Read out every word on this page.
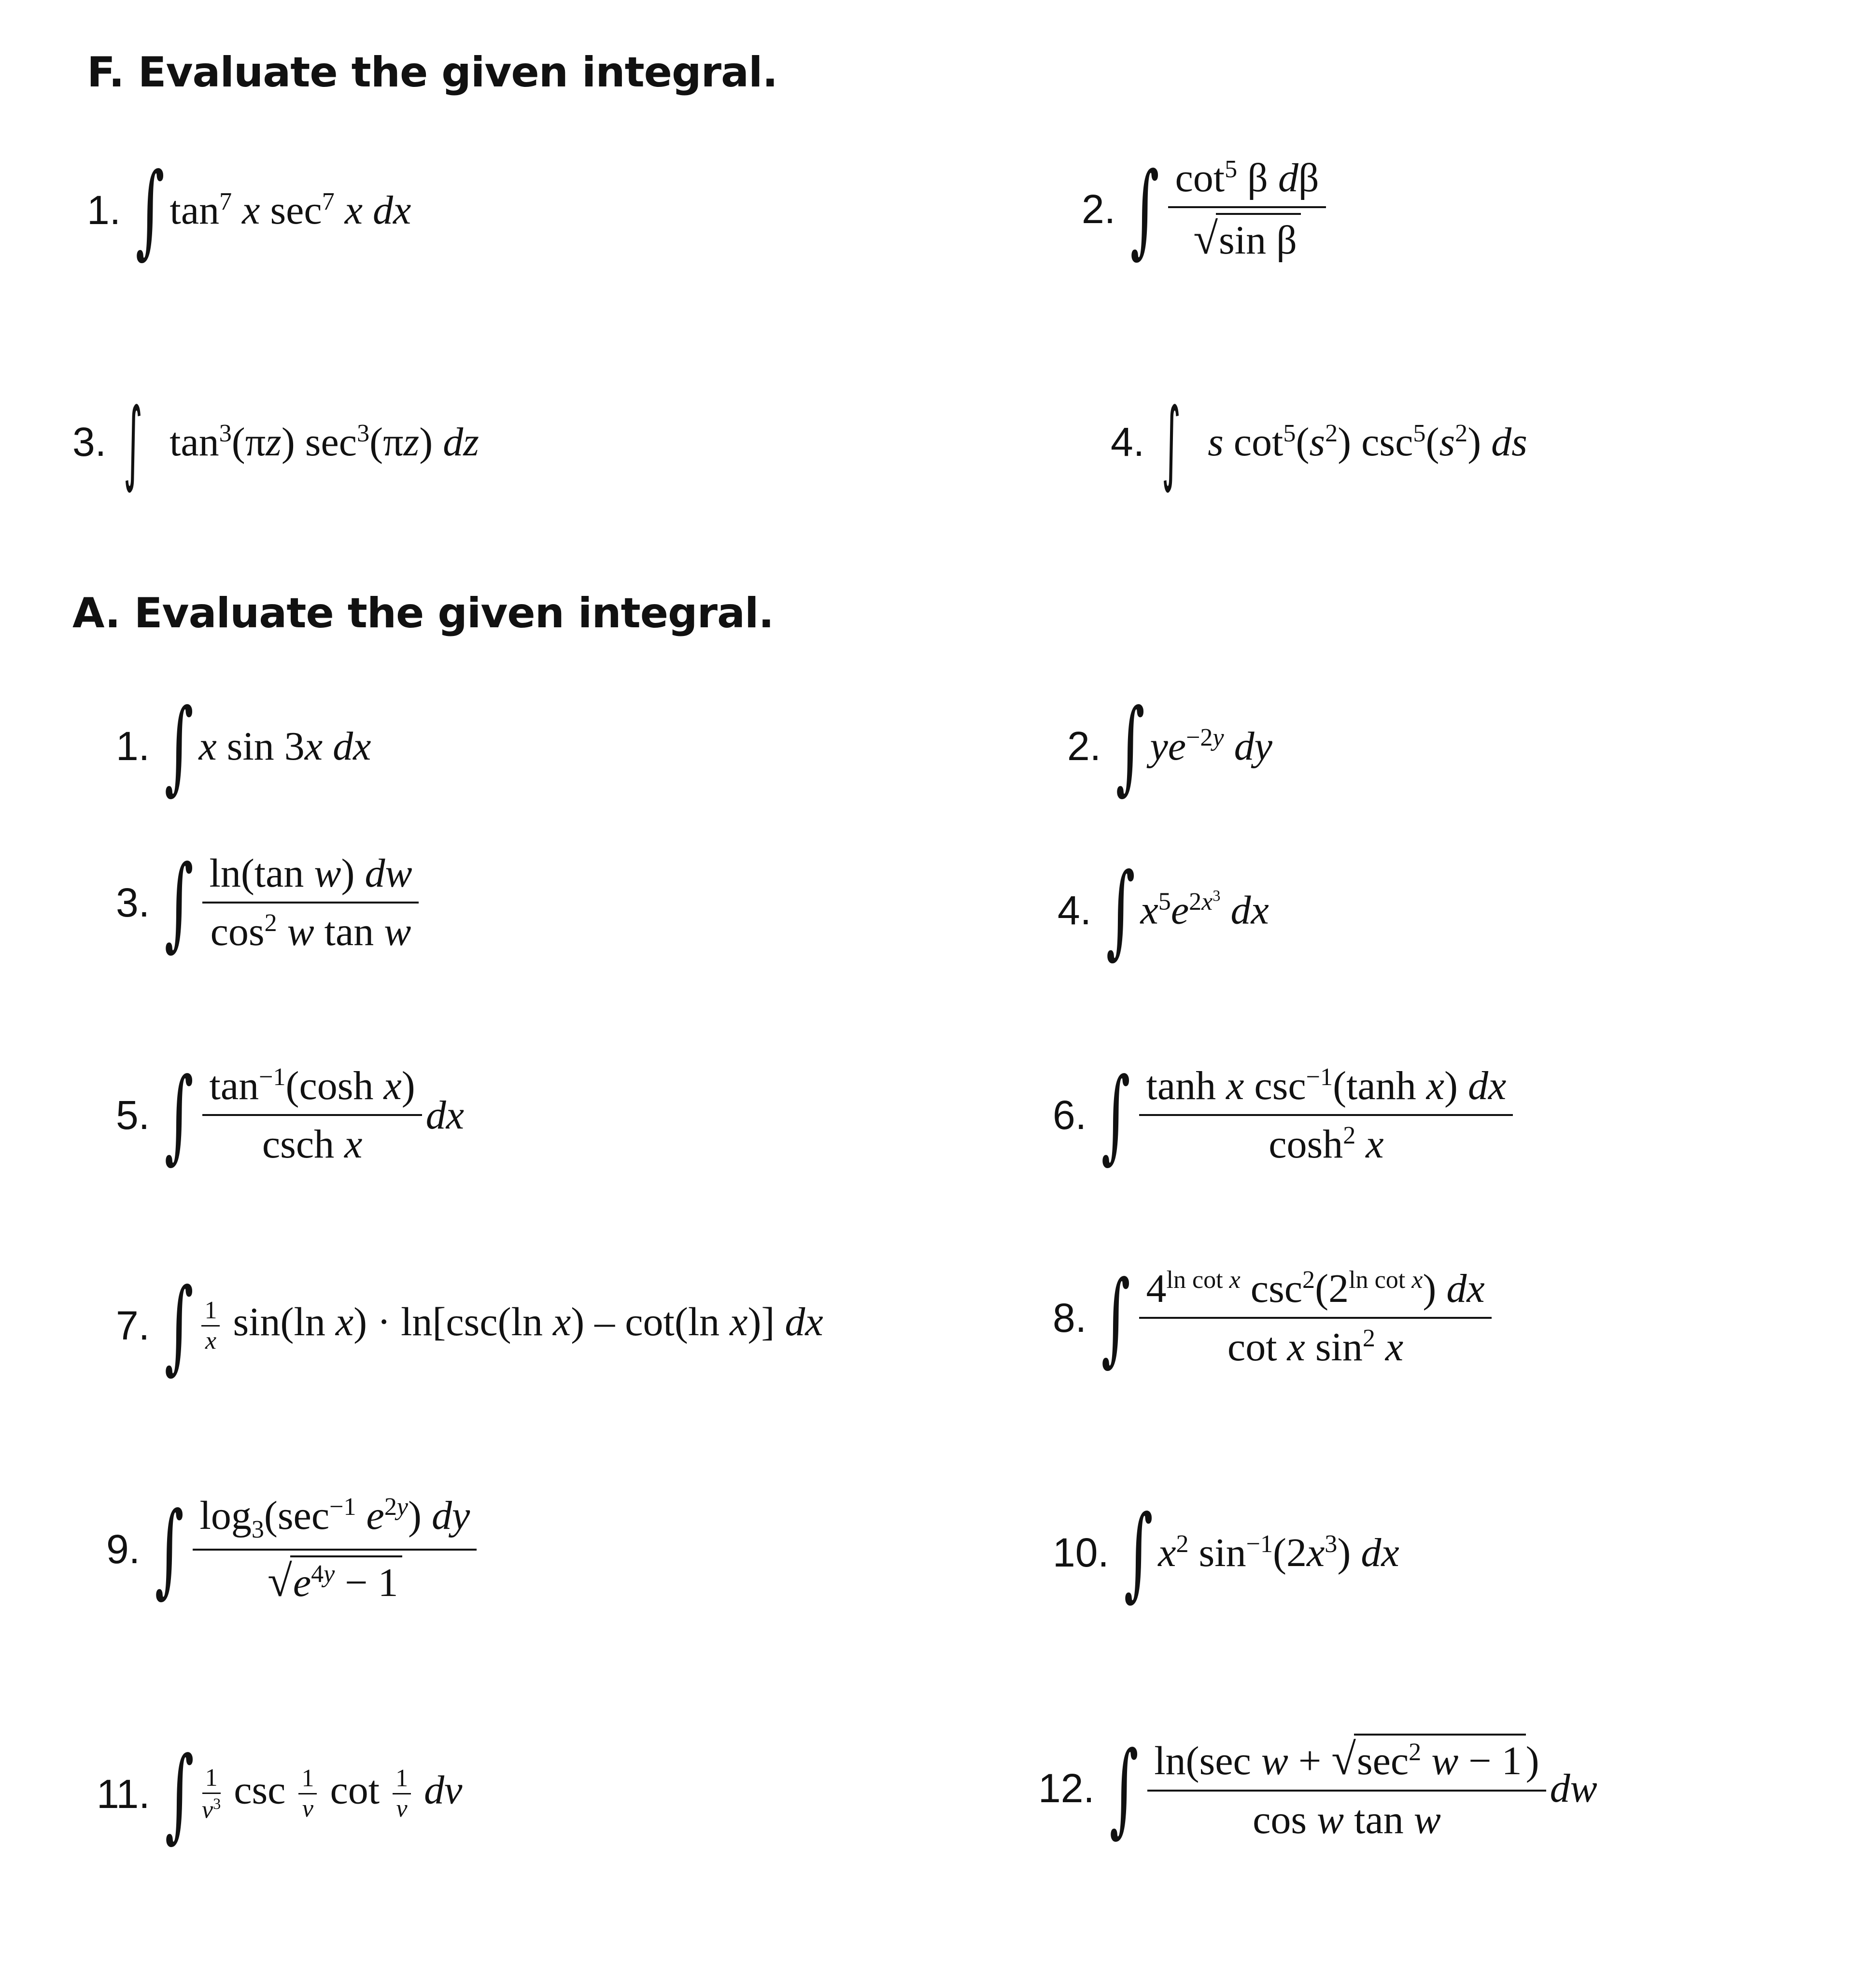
F. Evaluate the given integral.
1. ∫ $\tan^7 x$ $\sec^7 x$ dx	2. ∫ $\frac{\cot^5 \beta d\beta}{\text{√ sin β}}$
3. ∫ $\tan^3(\pi z)$ $\sec^3(\pi z)$ dz	4. ∫ s $\cot^5(s^2)$ $\csc^5(s^2)$ ds
A. Evaluate the given integral.
1. ∫ x sin 3x dx	2. ∫ $ye^{-2y}$ dy
3. ∫ $\frac{\text{ln(tan w) dw}}{\cos^2 w \tan w}$	4. ∫ $x^5e^{2x^3}$ dx
5. ∫ $\frac{\tan^{-1}(\cosh x)}{\text{csch x}}$ dx	6. ∫ $\frac{\tanh x \csc^{-1}(\tanh x) dx}{\cosh^2 x}$
7. ∫ $\frac{1}{x} \sin(\ln$ x) · ln[csc(ln x) – cot(ln x)] dx	8. ∫ $\frac{4^{ln cot x} \csc^2(2^{ln cot x}) dx}{\cot x \sin^2 x}$
9. ∫ $\frac{\log_3(\sec^{-1} e^{2y}) dy}{√ e^{4y} - 1}$	10. ∫ $x^2$ $\sin^{-1}(2x^3)$ dx
11. ∫ $\frac{1}{v^3}$ $\csc \frac{1}{v}$ $\cot \frac{1}{v}$ dv	12. ∫ $\frac{\ln(\sec w + √ \sec^2 w - 1 )}{\text{cos w tan w}}$ dw
